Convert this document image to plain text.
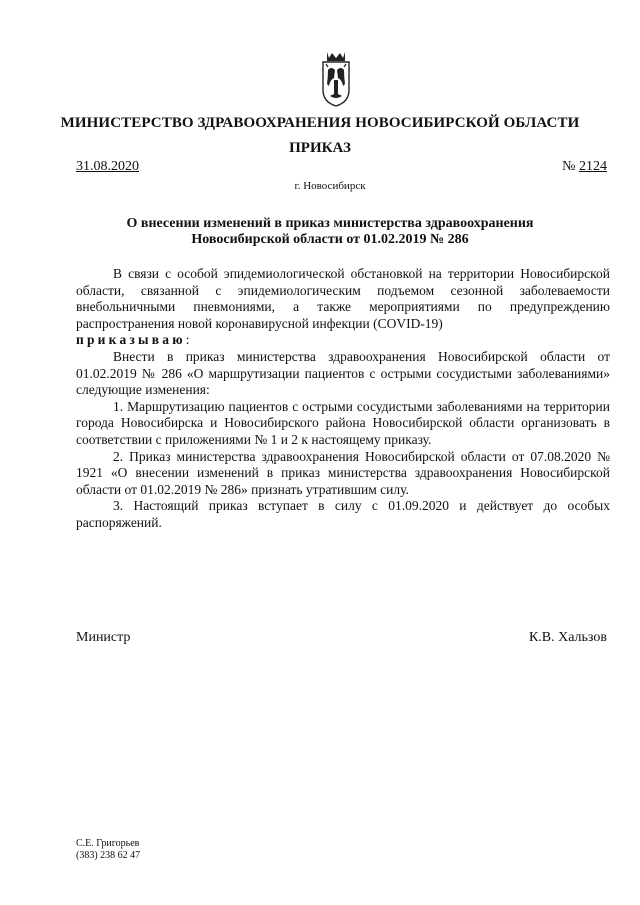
МИНИСТЕРСТВО ЗДРАВООХРАНЕНИЯ НОВОСИБИРСКОЙ ОБЛАСТИ
ПРИКАЗ
31.08.2020	№ 2124
г. Новосибирск
О внесении изменений в приказ министерства здравоохранения
Новосибирской области от 01.02.2019 № 286

В связи с особой эпидемиологической обстановкой на территории Новосибирской области, связанной с эпидемиологическим подъемом сезонной заболеваемости внебольничными пневмониями, а также мероприятиями по предупреждению распространения новой коронавирусной инфекции (COVID-19)

приказываю:

Внести в приказ министерства здравоохранения Новосибирской области от 01.02.2019 № 286 «О маршрутизации пациентов с острыми сосудистыми заболеваниями» следующие изменения:

1. Маршрутизацию пациентов с острыми сосудистыми заболеваниями на территории города Новосибирска и Новосибирского района Новосибирской области организовать в соответствии с приложениями № 1 и 2 к настоящему приказу.

2. Приказ министерства здравоохранения Новосибирской области от 07.08.2020 № 1921 «О внесении изменений в приказ министерства здравоохранения Новосибирской области от 01.02.2019 № 286» признать утратившим силу.

3. Настоящий приказ вступает в силу с 01.09.2020 и действует до особых распоряжений.

Министр	К.В. Хальзов
С.Е. Григорьев
(383) 238 62 47
